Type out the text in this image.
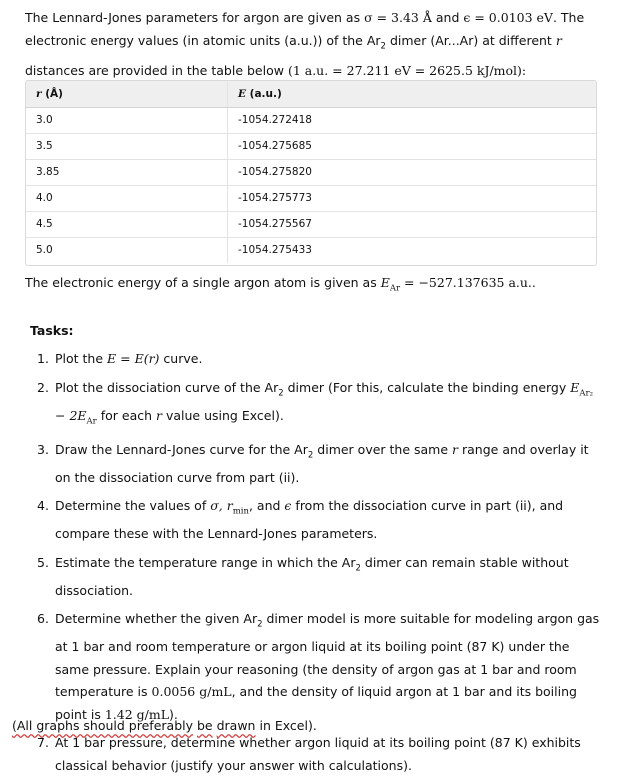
The Lennard-Jones parameters for argon are given as σ = 3.43 Å and ϵ = 0.0103 eV. The electronic energy values (in atomic units (a.u.)) of the $Ar_2$ dimer (Ar...Ar) at different r distances are provided in the table below (1 a.u. = 27.211 eV = 2625.5 kJ/mol):
r (Å)	E (a.u.)
3.0	-1054.272418
3.5	-1054.275685
3.85	-1054.275820
4.0	-1054.275773
4.5	-1054.275567
5.0	-1054.275433
The electronic energy of a single argon atom is given as $E_{Ar} = -527.137635$ a.u..
Tasks:
1. Plot the E = E(r) curve.
2. Plot the dissociation curve of the $Ar_2$ dimer (For this, calculate the binding energy $E_{Ar_2} - 2E_{Ar}$ for each r value using Excel).
3. Draw the Lennard-Jones curve for the $Ar_2$ dimer over the same r range and overlay it on the dissociation curve from part (ii).
4. Determine the values of σ, $r_{min}$, and ϵ from the dissociation curve in part (ii), and compare these with the Lennard-Jones parameters.
5. Estimate the temperature range in which the $Ar_2$ dimer can remain stable without dissociation.
6. Determine whether the given $Ar_2$ dimer model is more suitable for modeling argon gas at 1 bar and room temperature or argon liquid at its boiling point (87 K) under the same pressure. Explain your reasoning (the density of argon gas at 1 bar and room temperature is 0.0056 g/mL, and the density of liquid argon at 1 bar and its boiling point is 1.42 g/mL).
7. At 1 bar pressure, determine whether argon liquid at its boiling point (87 K) exhibits classical behavior (justify your answer with calculations).
(All graphs should preferably be drawn in Excel).
